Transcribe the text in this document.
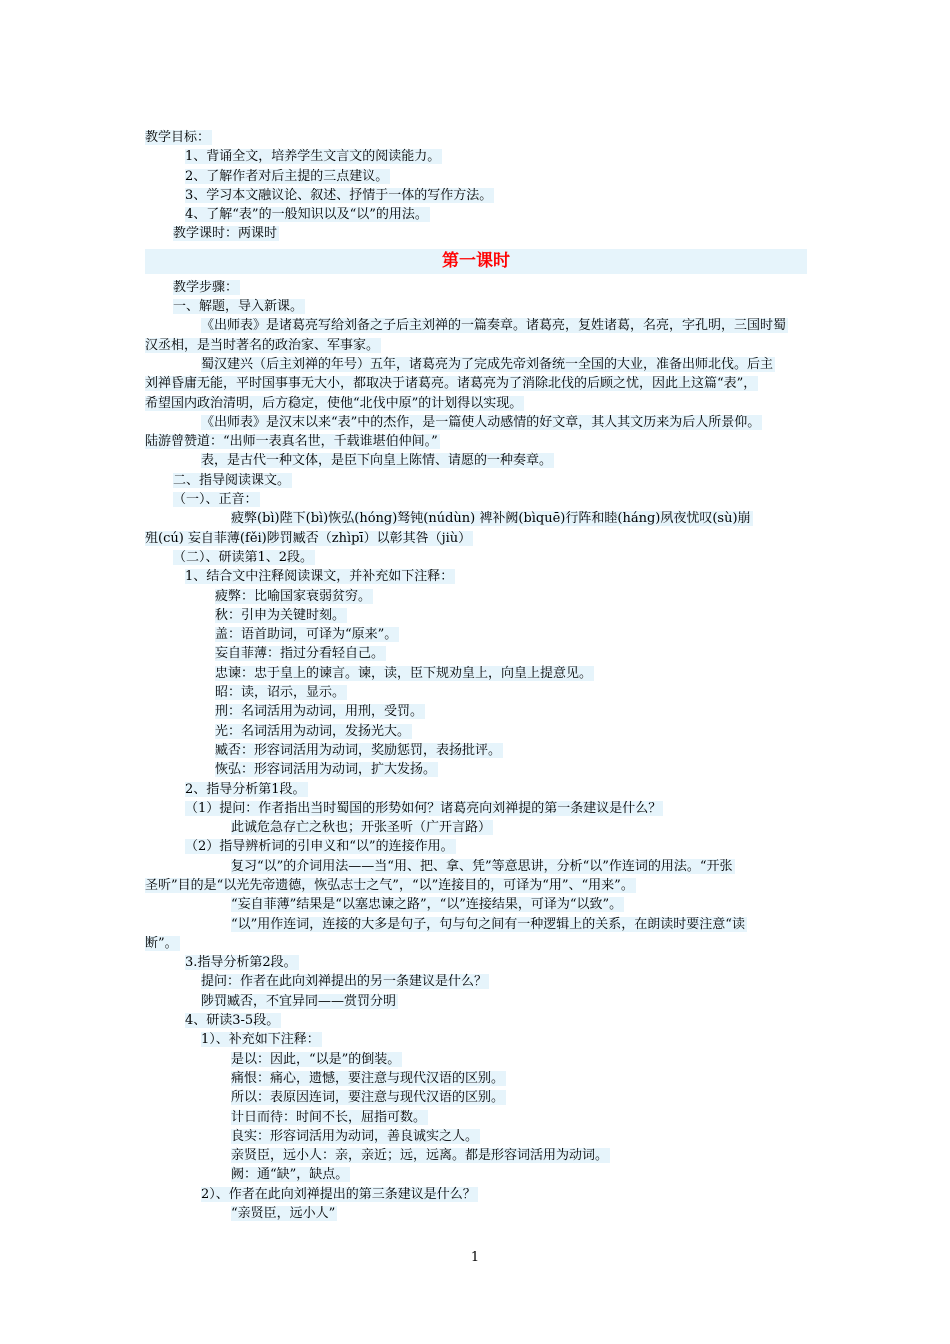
教学目标：
1、背诵全文，培养学生文言文的阅读能力。
2、了解作者对后主提的三点建议。
3、学习本文融议论、叙述、抒情于一体的写作方法。
4、了解“表”的一般知识以及“以”的用法。
教学课时：两课时
第一课时
教学步骤：
一、解题，导入新课。
《出师表》是诸葛亮写给刘备之子后主刘禅的一篇奏章。诸葛亮，复姓诸葛，名亮，字孔明，三国时蜀
汉丞相，是当时著名的政治家、军事家。
蜀汉建兴（后主刘禅的年号）五年，诸葛亮为了完成先帝刘备统一全国的大业，准备出师北伐。后主
刘禅昏庸无能，平时国事事无大小，都取决于诸葛亮。诸葛亮为了消除北伐的后顾之忧，因此上这篇“表”，
希望国内政治清明，后方稳定，使他“北伐中原”的计划得以实现。
《出师表》是汉末以来“表”中的杰作，是一篇使人动感情的好文章，其人其文历来为后人所景仰。
陆游曾赞道：“出师一表真名世，千载谁堪伯仲间。”
表，是古代一种文体，是臣下向皇上陈情、请愿的一种奏章。
二、指导阅读课文。
（一）、正音：
疲弊(bì)陛下(bì)恢弘(hóng)驽钝(núdùn) 裨补阙(bìquē)行阵和睦(háng)夙夜忧叹(sù)崩
殂(cú) 妄自菲薄(fěi)陟罚臧否（zhìpī）以彰其咎（jiù）
（二）、研读第1、2段。
1、结合文中注释阅读课文，并补充如下注释：
疲弊：比喻国家衰弱贫穷。
秋：引申为关键时刻。
盖：语首助词，可译为“原来”。
妄自菲薄：指过分看轻自己。
忠谏：忠于皇上的谏言。谏，读，臣下规劝皇上，向皇上提意见。
昭：读，诏示，显示。
刑：名词活用为动词，用刑，受罚。
光：名词活用为动词，发扬光大。
臧否：形容词活用为动词，奖励惩罚，表扬批评。
恢弘：形容词活用为动词，扩大发扬。
2、指导分析第1段。
（1）提问：作者指出当时蜀国的形势如何？诸葛亮向刘禅提的第一条建议是什么？
此诚危急存亡之秋也；开张圣听（广开言路）
（2）指导辨析词的引申义和“以”的连接作用。
复习“以”的介词用法——当“用、把、拿、凭”等意思讲，分析“以”作连词的用法。“开张
圣听”目的是“以光先帝遗德，恢弘志士之气”，“以”连接目的，可译为“用”、“用来”。
“妄自菲薄”结果是“以塞忠谏之路”，“以”连接结果，可译为“以致”。
“以”用作连词，连接的大多是句子，句与句之间有一种逻辑上的关系，在朗读时要注意“读
断”。
3.指导分析第2段。
提问：作者在此向刘禅提出的另一条建议是什么？
陟罚臧否，不宜异同——赏罚分明
4、研读3-5段。
1）、补充如下注释：
是以：因此，“以是”的倒装。
痛恨：痛心，遗憾，要注意与现代汉语的区别。
所以：表原因连词，要注意与现代汉语的区别。
计日而待：时间不长，屈指可数。
良实：形容词活用为动词，善良诚实之人。
亲贤臣，远小人：亲，亲近；远，远离。都是形容词活用为动词。
阙：通“缺”，缺点。
2）、作者在此向刘禅提出的第三条建议是什么？
“亲贤臣，远小人”
1
